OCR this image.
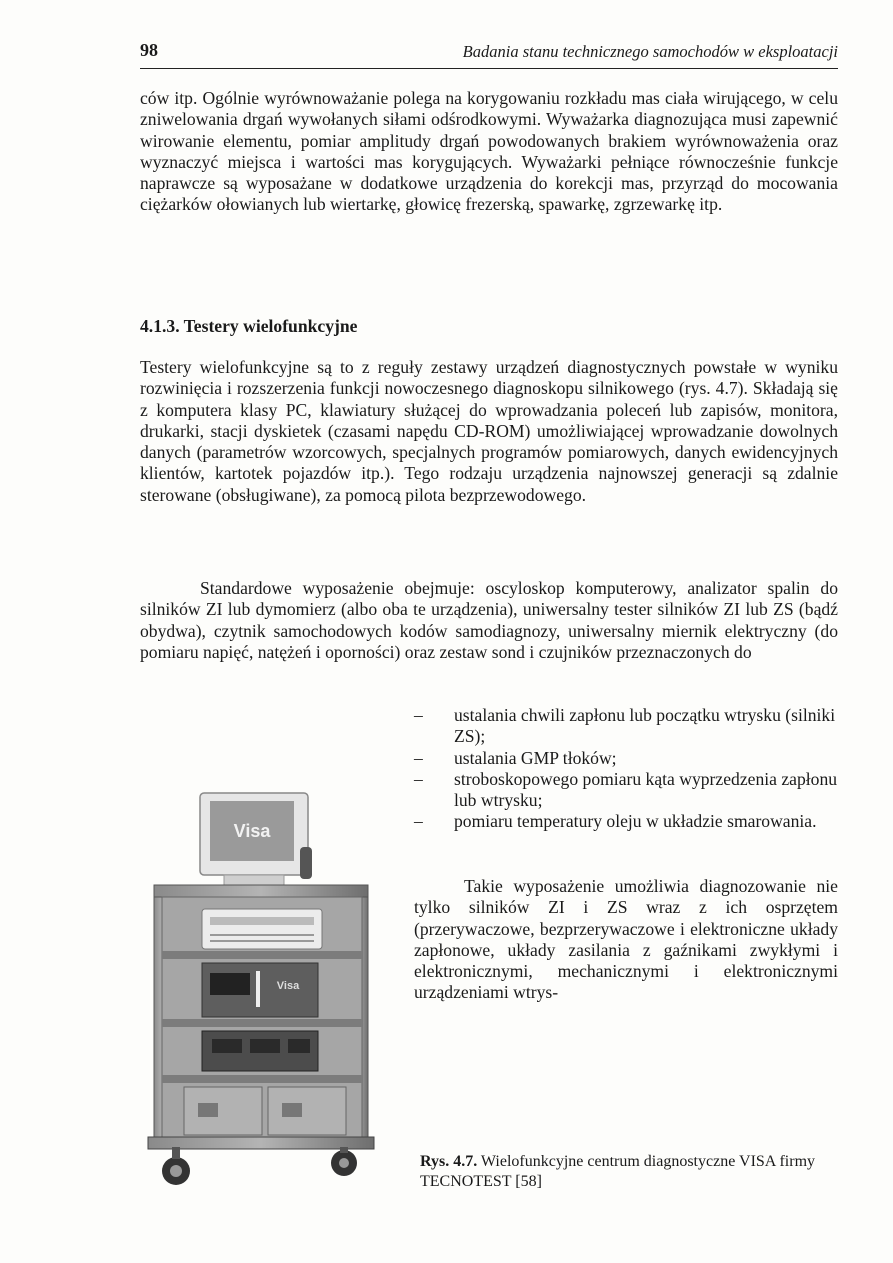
98	Badania stanu technicznego samochodów w eksploatacji

ców itp. Ogólnie wyrównoważanie polega na korygowaniu rozkładu mas ciała wirującego, w celu zniwelowania drgań wywołanych siłami odśrodkowymi. Wyważarka diagnozująca musi zapewnić wirowanie elementu, pomiar amplitudy drgań powodowanych brakiem wyrównoważenia oraz wyznaczyć miejsca i wartości mas korygujących. Wyważarki pełniące równocześnie funkcje naprawcze są wyposażane w dodatkowe urządzenia do korekcji mas, przyrząd do mocowania ciężarków ołowianych lub wiertarkę, głowicę frezerską, spawarkę, zgrzewarkę itp.

4.1.3. Testery wielofunkcyjne

Testery wielofunkcyjne są to z reguły zestawy urządzeń diagnostycznych powstałe w wyniku rozwinięcia i rozszerzenia funkcji nowoczesnego diagnoskopu silnikowego (rys. 4.7). Składają się z komputera klasy PC, klawiatury służącej do wprowadzania poleceń lub zapisów, monitora, drukarki, stacji dyskietek (czasami napędu CD-ROM) umożliwiającej wprowadzanie dowolnych danych (parametrów wzorcowych, specjalnych programów pomiarowych, danych ewidencyjnych klientów, kartotek pojazdów itp.). Tego rodzaju urządzenia najnowszej generacji są zdalnie sterowane (obsługiwane), za pomocą pilota bezprzewodowego.

Standardowe wyposażenie obejmuje: oscyloskop komputerowy, analizator spalin do silników ZI lub dymomierz (albo oba te urządzenia), uniwersalny tester silników ZI lub ZS (bądź obydwa), czytnik samochodowych kodów samodiagnozy, uniwersalny miernik elektryczny (do pomiaru napięć, natężeń i oporności) oraz zestaw sond i czujników przeznaczonych do

– ustalania chwili zapłonu lub początku wtrysku (silniki ZS);
– ustalania GMP tłoków;
– stroboskopowego pomiaru kąta wyprzedzenia zapłonu lub wtrysku;
– pomiaru temperatury oleju w układzie smarowania.

Takie wyposażenie umożliwia diagnozowanie nie tylko silników ZI i ZS wraz z ich osprzętem (przerywaczowe, bezprzerywaczowe i elektroniczne układy zapłonowe, układy zasilania z gaźnikami zwykłymi i elektronicznymi, mechanicznymi i elektronicznymi urządzeniami wtrys-

Visa
Visa

Rys. 4.7. Wielofunkcyjne centrum diagnostyczne VISA firmy TECNOTEST [58]
